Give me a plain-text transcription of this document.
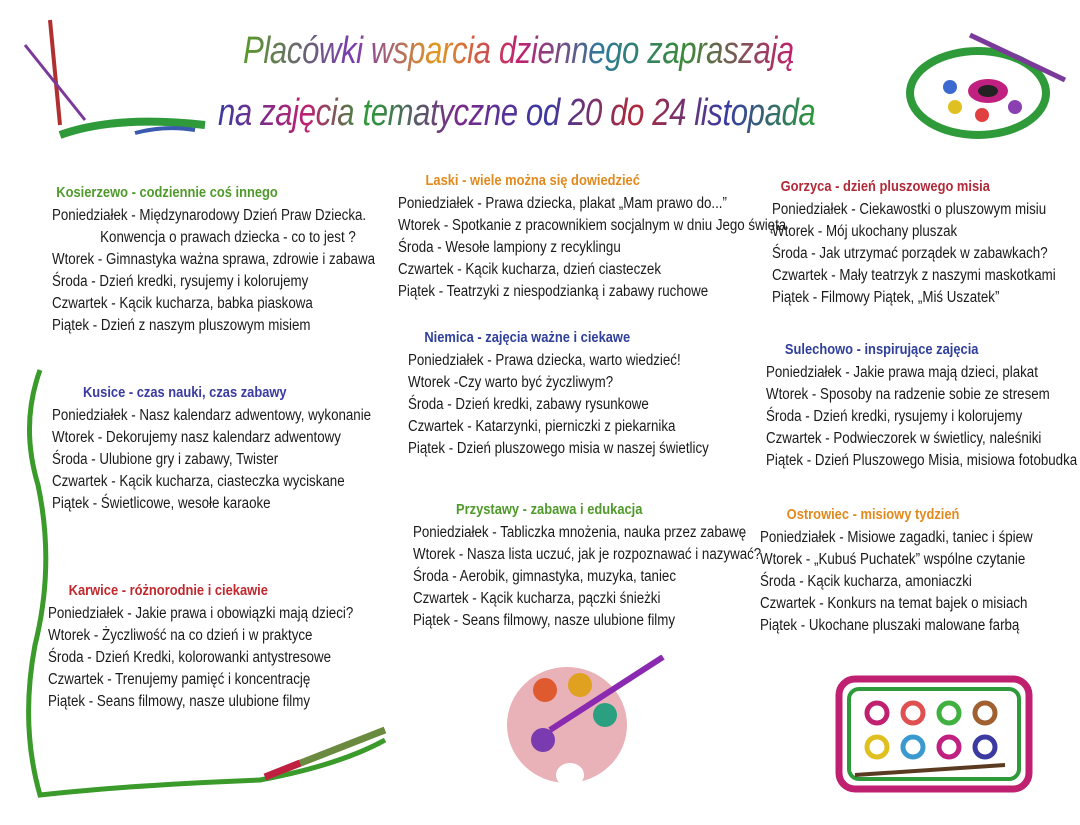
Placówki wsparcia dziennego zapraszają
na zajęcia tematyczne od 20 do 24 listopada
Kosierzewo - codziennie coś innego
Poniedziałek - Międzynarodowy Dzień Praw Dziecka.
Konwencja o prawach dziecka - co to jest ?
Wtorek - Gimnastyka ważna sprawa, zdrowie i zabawa
Środa - Dzień kredki, rysujemy i kolorujemy
Czwartek - Kącik kucharza, babka piaskowa
Piątek - Dzień z naszym pluszowym misiem
Kusice - czas nauki, czas zabawy
Poniedziałek - Nasz kalendarz adwentowy, wykonanie
Wtorek - Dekorujemy nasz kalendarz adwentowy
Środa - Ulubione gry i zabawy, Twister
Czwartek - Kącik kucharza, ciasteczka wyciskane
Piątek - Świetlicowe, wesołe karaoke
Karwice - różnorodnie i ciekawie
Poniedziałek - Jakie prawa i obowiązki mają dzieci?
Wtorek - Życzliwość na co dzień i w praktyce
Środa - Dzień Kredki, kolorowanki antystresowe
Czwartek - Trenujemy pamięć i koncentrację
Piątek - Seans filmowy, nasze ulubione filmy
Laski - wiele można się dowiedzieć
Poniedziałek - Prawa dziecka, plakat „Mam prawo do...”
Wtorek - Spotkanie z pracownikiem socjalnym w dniu Jego święta
Środa - Wesołe lampiony z recyklingu
Czwartek - Kącik kucharza, dzień ciasteczek
Piątek - Teatrzyki z niespodzianką i zabawy ruchowe
Niemica - zajęcia ważne i ciekawe
Poniedziałek - Prawa dziecka, warto wiedzieć!
Wtorek -Czy warto być życzliwym?
Środa - Dzień kredki, zabawy rysunkowe
Czwartek - Katarzynki, pierniczki z piekarnika
Piątek - Dzień pluszowego misia w naszej świetlicy
Przystawy - zabawa i edukacja
Poniedziałek - Tabliczka mnożenia, nauka przez zabawę
Wtorek - Nasza lista uczuć, jak je rozpoznawać i nazywać?
Środa - Aerobik, gimnastyka, muzyka, taniec
Czwartek - Kącik kucharza, pączki śnieżki
Piątek - Seans filmowy, nasze ulubione filmy
Gorzyca - dzień pluszowego misia
Poniedziałek - Ciekawostki o pluszowym misiu
Wtorek - Mój ukochany pluszak
Środa - Jak utrzymać porządek w zabawkach?
Czwartek - Mały teatrzyk z naszymi maskotkami
Piątek - Filmowy Piątek, „Miś Uszatek”
Sulechowo - inspirujące zajęcia
Poniedziałek - Jakie prawa mają dzieci, plakat
Wtorek - Sposoby na radzenie sobie ze stresem
Środa - Dzień kredki, rysujemy i kolorujemy
Czwartek - Podwieczorek w świetlicy, naleśniki
Piątek - Dzień Pluszowego Misia, misiowa fotobudka
Ostrowiec - misiowy tydzień
Poniedziałek - Misiowe zagadki, taniec i śpiew
Wtorek - „Kubuś Puchatek” wspólne czytanie
Środa - Kącik kucharza, amoniaczki
Czwartek - Konkurs na temat bajek o misiach
Piątek - Ukochane pluszaki malowane farbą
